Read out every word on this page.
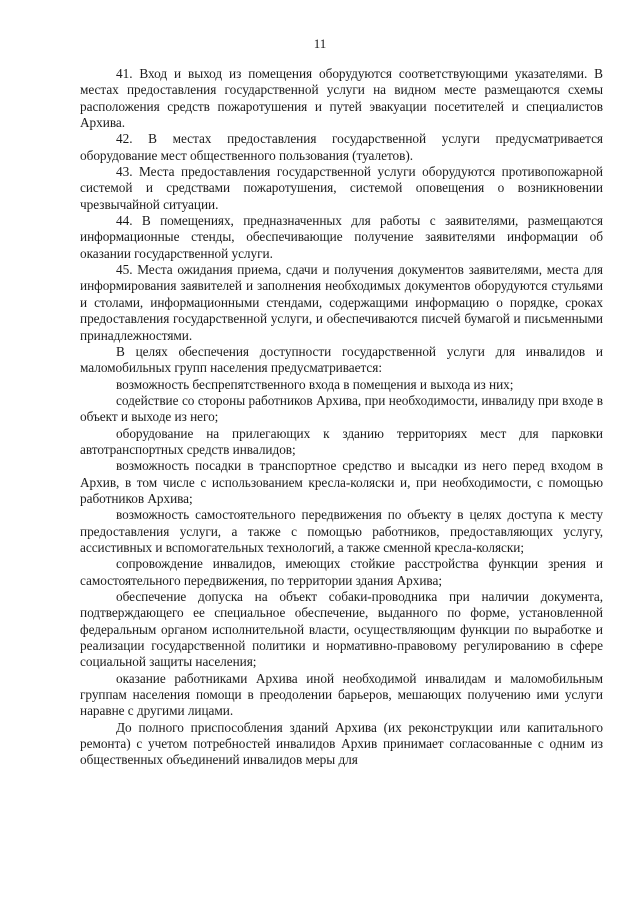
11

41. Вход и выход из помещения оборудуются соответствующими указателями. В местах предоставления государственной услуги на видном месте размещаются схемы расположения средств пожаротушения и путей эвакуации посетителей и специалистов Архива.

42. В местах предоставления государственной услуги предусматривается оборудование мест общественного пользования (туалетов).

43. Места предоставления государственной услуги оборудуются противопожарной системой и средствами пожаротушения, системой оповещения о возникновении чрезвычайной ситуации.

44. В помещениях, предназначенных для работы с заявителями, размещаются информационные стенды, обеспечивающие получение заявителями информации об оказании государственной услуги.

45. Места ожидания приема, сдачи и получения документов заявителями, места для информирования заявителей и заполнения необходимых документов оборудуются стульями и столами, информационными стендами, содержащими информацию о порядке, сроках предоставления государственной услуги, и обеспечиваются писчей бумагой и письменными принадлежностями.

В целях обеспечения доступности государственной услуги для инвалидов и маломобильных групп населения предусматривается:

возможность беспрепятственного входа в помещения и выхода из них;

содействие со стороны работников Архива, при необходимости, инвалиду при входе в объект и выходе из него;

оборудование на прилегающих к зданию территориях мест для парковки автотранспортных средств инвалидов;

возможность посадки в транспортное средство и высадки из него перед входом в Архив, в том числе с использованием кресла-коляски и, при необходимости, с помощью работников Архива;

возможность самостоятельного передвижения по объекту в целях доступа к месту предоставления услуги, а также с помощью работников, предоставляющих услугу, ассистивных и вспомогательных технологий, а также сменной кресла-коляски;

сопровождение инвалидов, имеющих стойкие расстройства функции зрения и самостоятельного передвижения, по территории здания Архива;

обеспечение допуска на объект собаки-проводника при наличии документа, подтверждающего ее специальное обеспечение, выданного по форме, установленной федеральным органом исполнительной власти, осуществляющим функции по выработке и реализации государственной политики и нормативно-правовому регулированию в сфере социальной защиты населения;

оказание работниками Архива иной необходимой инвалидам и маломобильным группам населения помощи в преодолении барьеров, мешающих получению ими услуги наравне с другими лицами.

До полного приспособления зданий Архива (их реконструкции или капитального ремонта) с учетом потребностей инвалидов Архив принимает согласованные с одним из общественных объединений инвалидов меры для
